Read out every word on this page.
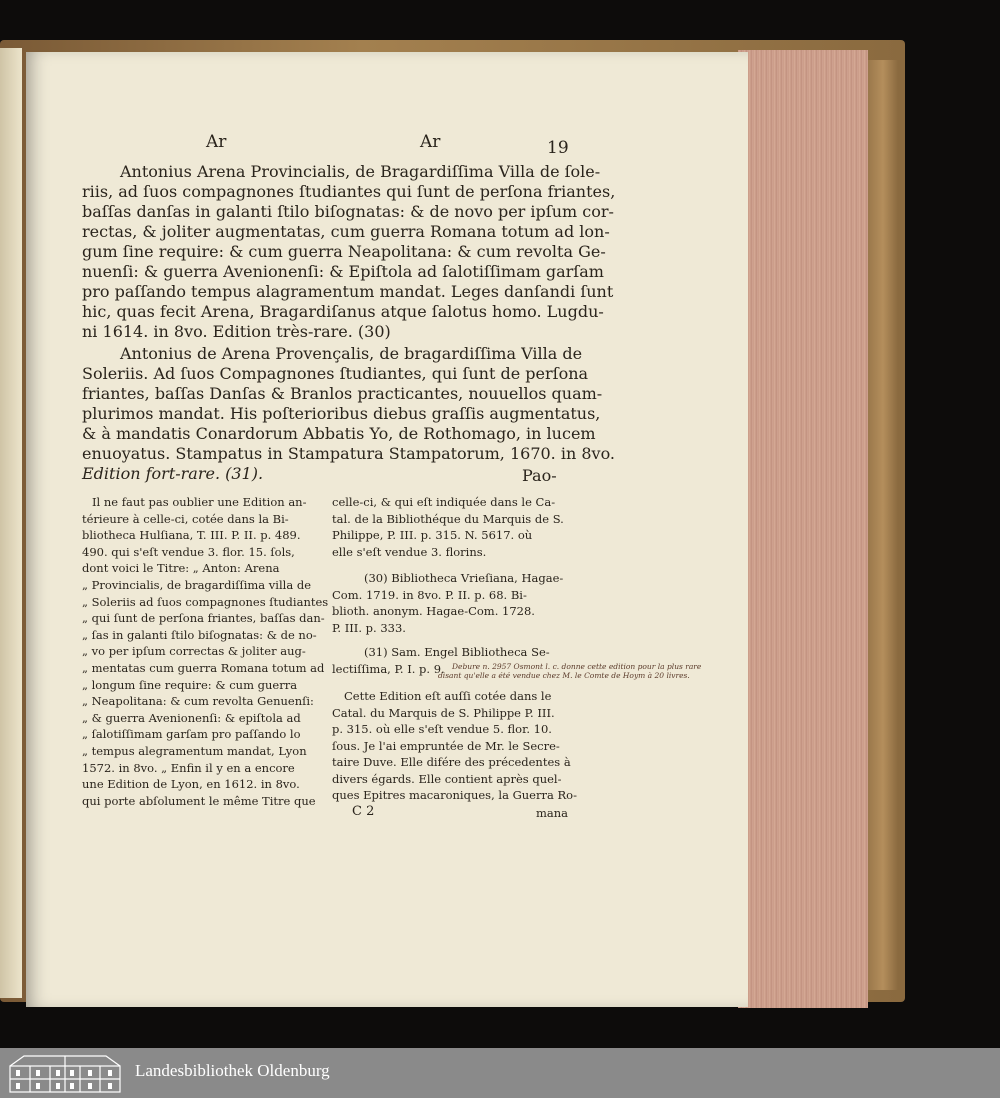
Ar	Ar	19
Antonius Arena Provincialis, de Bragardiſſima Villa de ſole-
riis, ad ſuos compagnones ſtudiantes qui ſunt de perſona friantes,
baſſas danſas in galanti ſtilo biſognatas: & de novo per ipſum cor-
rectas, & joliter augmentatas, cum guerra Romana totum ad lon-
gum ſine require: & cum guerra Neapolitana: & cum revolta Ge-
nuenſi: & guerra Avenionenſi: & Epiſtola ad ſalotiſſimam garſam
pro paſſando tempus alagramentum mandat. Leges danſandi ſunt
hic, quas fecit Arena, Bragardiſanus atque ſalotus homo. Lugdu-
ni 1614. in 8vo. Edition très-rare. (30)
Antonius de Arena Provençalis, de bragardiſſima Villa de
Soleriis. Ad ſuos Compagnones ſtudiantes, qui ſunt de perſona
friantes, baſſas Danſas & Branlos practicantes, nouuellos quam-
plurimos mandat. His poſterioribus diebus graſſis augmentatus,
& à mandatis Conardorum Abbatis Yo, de Rothomago, in lucem
enuoyatus. Stampatus in Stampatura Stampatorum, 1670. in 8vo.
Edition fort-rare. (31).	Pao-
Il ne faut pas oublier une Edition an-
térieure à celle-ci, cotée dans la Bi-
bliotheca Hulſiana, T. III. P. II. p. 489.
490. qui s'eſt vendue 3. flor. 15. ſols,
dont voici le Titre: „ Anton: Arena
„ Provincialis, de bragardiſſima villa de
„ Soleriis ad ſuos compagnones ſtudiantes
„ qui ſunt de perſona friantes, baſſas dan-
„ ſas in galanti ſtilo biſognatas: & de no-
„ vo per ipſum correctas & joliter aug-
„ mentatas cum guerra Romana totum ad
„ longum ſine require: & cum guerra
„ Neapolitana: & cum revolta Genuenſi:
„ & guerra Avenionenſi: & epiſtola ad
„ ſalotiſſimam garſam pro paſſando lo
„ tempus alegramentum mandat, Lyon
1572. in 8vo. „ Enfin il y en a encore
une Edition de Lyon, en 1612. in 8vo.
qui porte abſolument le même Titre que
celle-ci, & qui eſt indiquée dans le Ca-
tal. de la Bibliothéque du Marquis de S.
Philippe, P. III. p. 315. N. 5617. où
elle s'eſt vendue 3. florins.
(30) Bibliotheca Vrieſiana, Hagae-
Com. 1719. in 8vo. P. II. p. 68. Bi-
blioth. anonym. Hagae-Com. 1728.
P. III. p. 333.
(31) Sam. Engel Bibliotheca Se-
lectiſſima, P. I. p. 9.
Cette Edition eſt auſſi cotée dans le
Catal. du Marquis de S. Philippe P. III.
p. 315. où elle s'eſt vendue 5. flor. 10.
ſous. Je l'ai empruntée de Mr. le Secre-
taire Duve. Elle difére des précedentes à
divers égards. Elle contient après quel-
ques Epitres macaroniques, la Guerra Ro-
Debure n. 2957 Osmont l. c. donne cette edition pour la plus rare
disant qu'elle a été vendue chez M. le Comte de Hoym à 20 livres.
C 2	mana
Landesbibliothek Oldenburg
